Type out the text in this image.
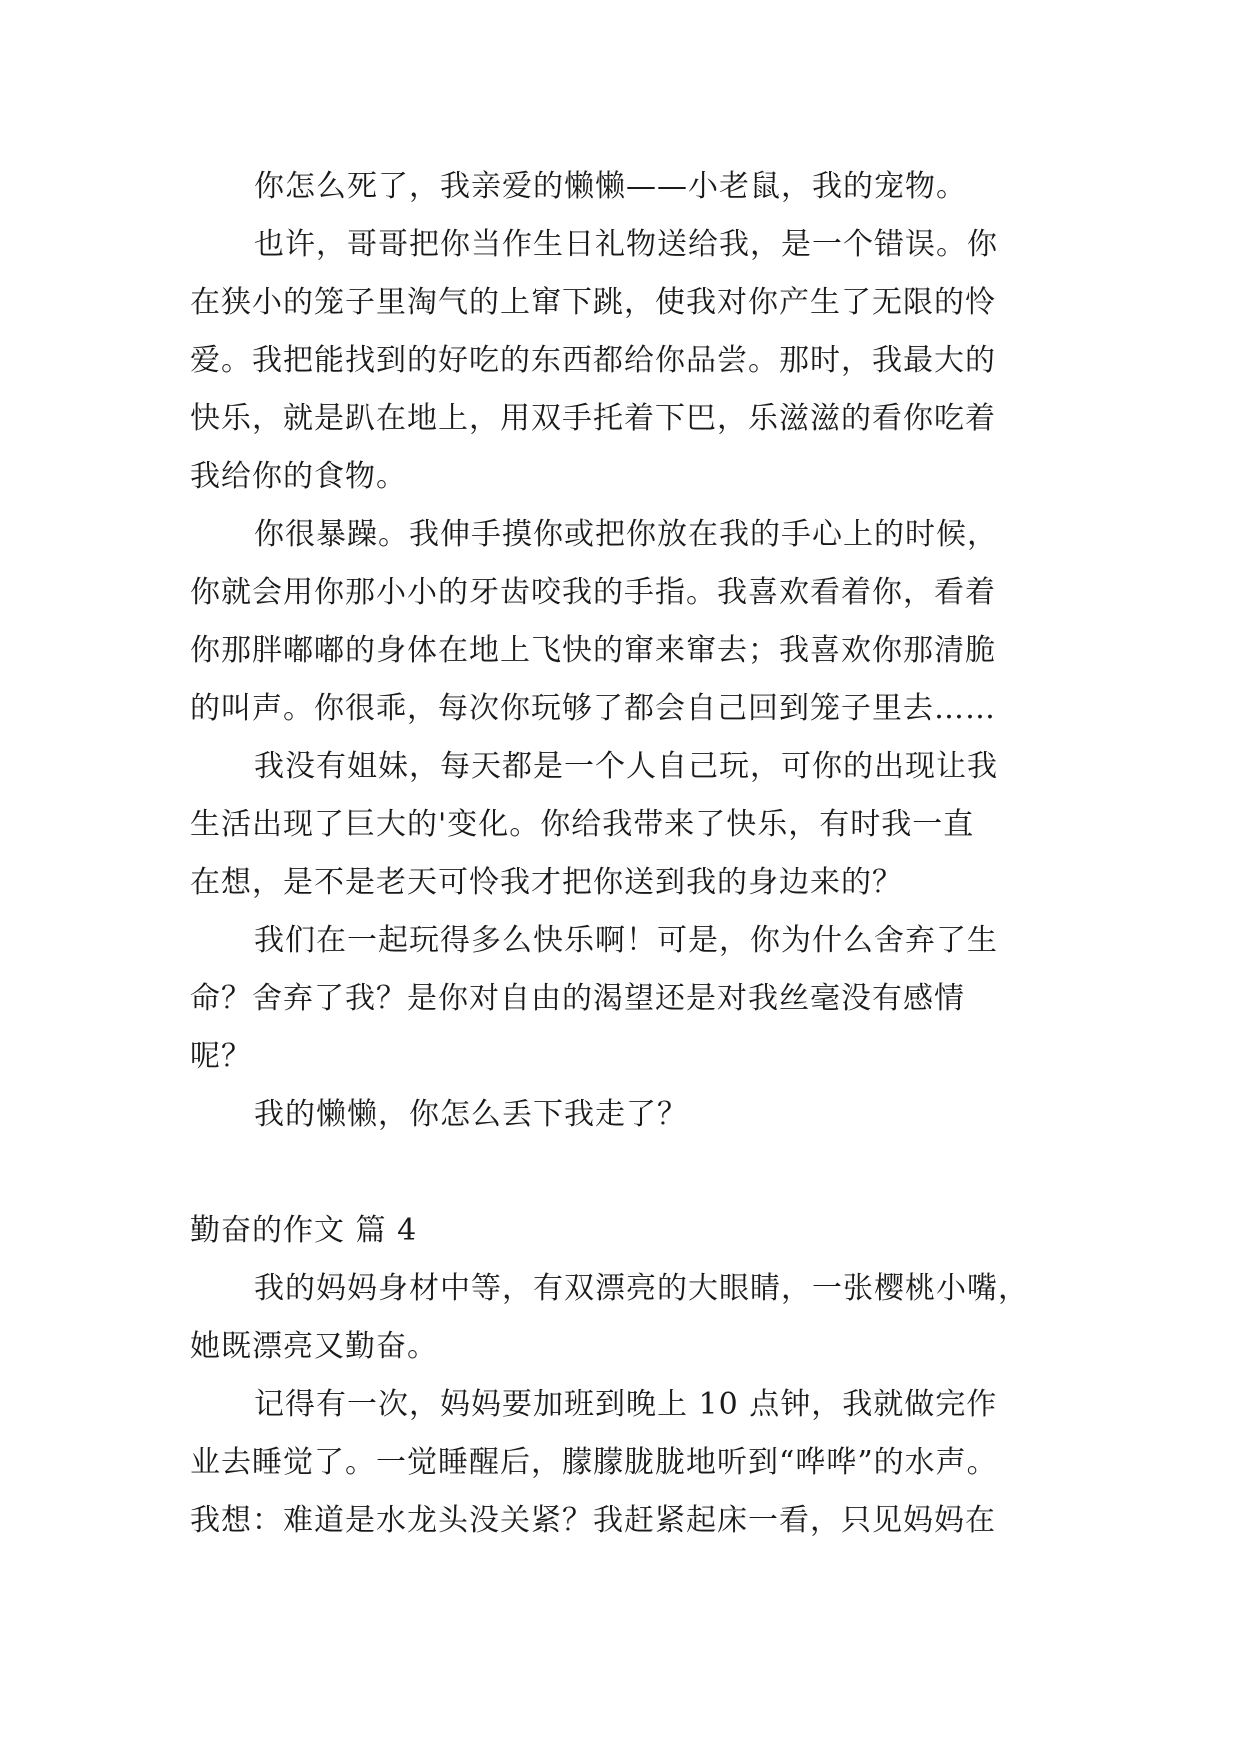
你怎么死了，我亲爱的懒懒——小老鼠，我的宠物。
也许，哥哥把你当作生日礼物送给我，是一个错误。你
在狭小的笼子里淘气的上窜下跳，使我对你产生了无限的怜
爱。我把能找到的好吃的东西都给你品尝。那时，我最大的
快乐，就是趴在地上，用双手托着下巴，乐滋滋的看你吃着
我给你的食物。
你很暴躁。我伸手摸你或把你放在我的手心上的时候，
你就会用你那小小的牙齿咬我的手指。我喜欢看着你，看着
你那胖嘟嘟的身体在地上飞快的窜来窜去；我喜欢你那清脆
的叫声。你很乖，每次你玩够了都会自己回到笼子里去……
我没有姐妹，每天都是一个人自己玩，可你的出现让我
生活出现了巨大的'变化。你给我带来了快乐，有时我一直
在想，是不是老天可怜我才把你送到我的身边来的？
我们在一起玩得多么快乐啊！可是，你为什么舍弃了生
命？舍弃了我？是你对自由的渴望还是对我丝毫没有感情
呢？
我的懒懒，你怎么丢下我走了？
勤奋的作文 篇 4
我的妈妈身材中等，有双漂亮的大眼睛，一张樱桃小嘴，
她既漂亮又勤奋。
记得有一次，妈妈要加班到晚上 10 点钟，我就做完作
业去睡觉了。一觉睡醒后，朦朦胧胧地听到“哗哗”的水声。
我想：难道是水龙头没关紧？我赶紧起床一看，只见妈妈在
